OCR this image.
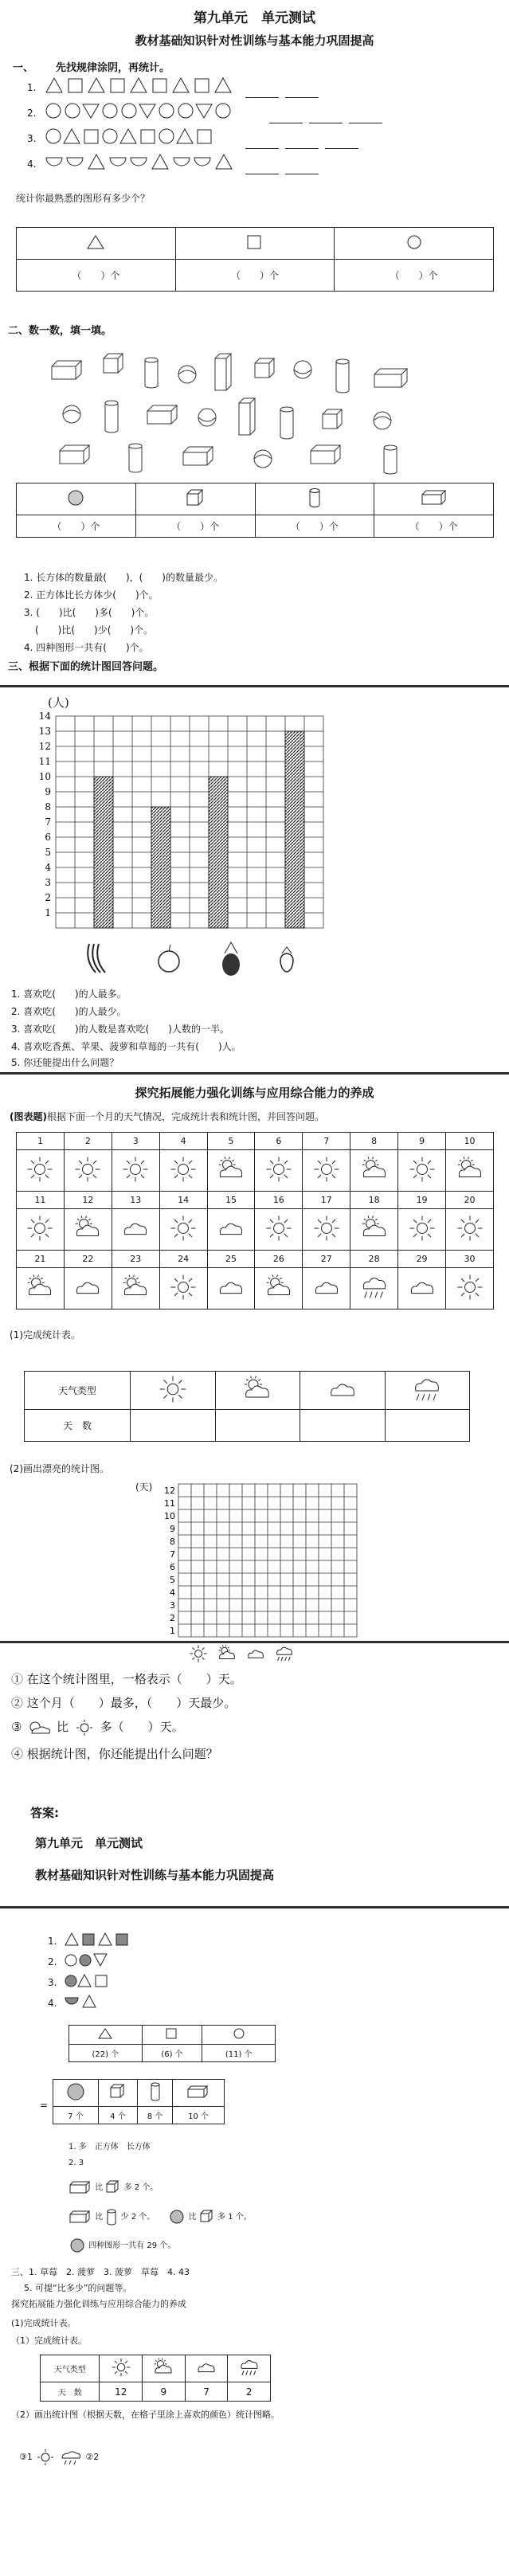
第九单元　单元测试
教材基础知识针对性训练与基本能力巩固提高
一、 先找规律涂阴，再统计。
1.
2.
3.
4.
统计你最熟悉的图形有多少个？

（　　）个	（　　）个	（　　）个
二、数一数，填一填。

（　　）个	（　　）个	（　　）个	（　　）个
1. 长方体的数量最(　　)，(　　)的数量最少。
2. 正方体比长方体少(　　)个。
3. (　　)比(　　)多(　　)个。
(　　)比(　　)少(　　)个。
4. 四种图形一共有(　　)个。
三、根据下面的统计图回答问题。
(人)
1
2
3
4
5
6
7
8
9
10
11
12
13
14
1. 喜欢吃(　　)的人最多。
2. 喜欢吃(　　)的人最少。
3. 喜欢吃(　　)的人数是喜欢吃(　　)人数的一半。
4. 喜欢吃香蕉、苹果、菠萝和草莓的一共有(　　)人。
5. 你还能提出什么问题？
探究拓展能力强化训练与应用综合能力的养成
(图表题)根据下面一个月的天气情况，完成统计表和统计图，并回答问题。
1	2	3	4	5	6	7	8	9	10

11	12	13	14	15	16	17	18	19	20

21	22	23	24	25	26	27	28	29	30

(1)完成统计表。
天气类型				
天　数				
(2)画出漂亮的统计图。
(天) 12
11
10
9
8
7
6
5
4
3
2
1
① 在这个统计图里，一格表示（　　）天。
② 这个月（　　）最多，（　　）天最少。
③	比	多（　　）天。
④ 根据统计图，你还能提出什么问题？
答案:
第九单元　单元测试
教材基础知识针对性训练与基本能力巩固提高
1.
2.
3.
4.

(22) 个	(6) 个	(11) 个
=

7 个	4 个	8 个	10 个
1. 多　正方体　长方体
2. 3
比	多 2 个。
比 少 2 个。	比	多 1 个。
四种图形一共有 29 个。
三、1. 草莓　2. 菠萝　3. 菠萝　草莓　4. 43
5. 可提“比多少”的问题等。
探究拓展能力强化训练与应用综合能力的养成
(1)完成统计表。
（1）完成统计表。
天气类型				
天　数	12	9	7	2
（2）画出统计图（根据天数，在格子里涂上喜欢的颜色）统计图略。
③1	②2
